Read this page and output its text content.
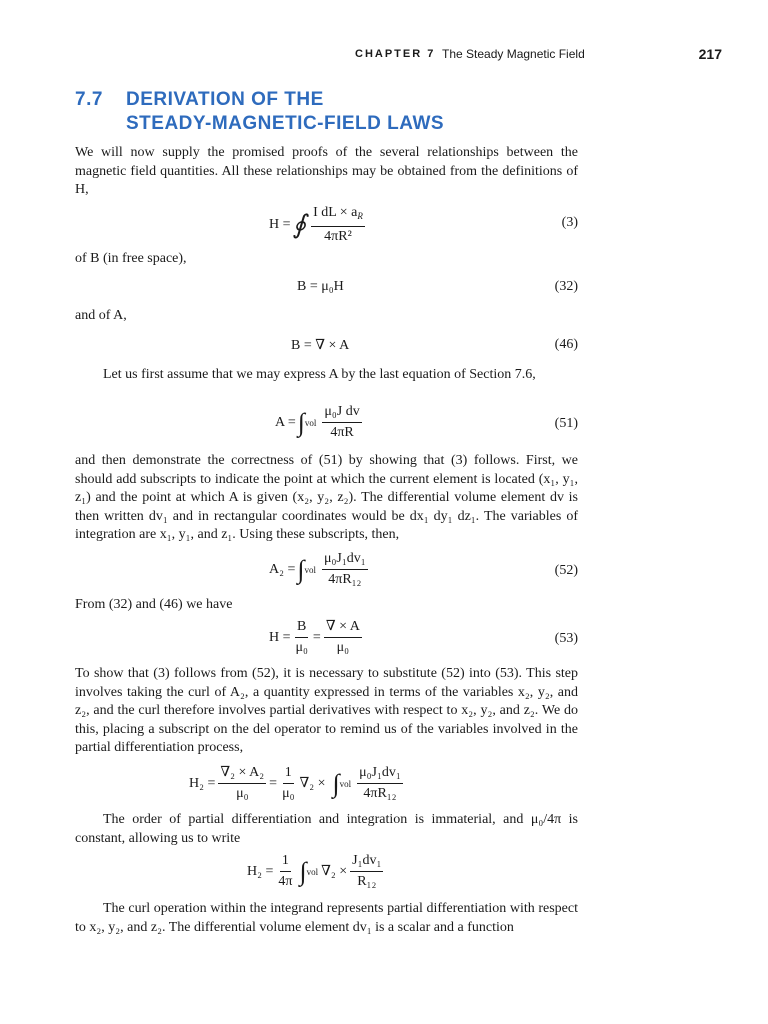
CHAPTER 7 The Steady Magnetic Field	217
7.7 DERIVATION OF THE
STEADY-MAGNETIC-FIELD LAWS

We will now supply the promised proofs of the several relationships between the magnetic field quantities. All these relationships may be obtained from the definitions of H,

H = ∮ $\frac{I dL \times a_R}{\text{4πR²}}$	(3)

of B (in free space),

B = μ₀H	(32)

and of A,

B = ∇ × A	(46)

Let us first assume that we may express A by the last equation of Section 7.6,

A = ∫ vol $\frac{\text{μ₀J dv}}{4\pi R}$	(51)

and then demonstrate the correctness of (51) by showing that (3) follows. First, we should add subscripts to indicate the point at which the current element is located (x₁, y₁, z₁) and the point at which A is given (x₂, y₂, z₂). The differential volume element dv is then written dv₁ and in rectangular coordinates would be dx₁ dy₁ dz₁. The variables of integration are x₁, y₁, and z₁. Using these subscripts, then,

A₂ = ∫ vol $\frac{\text{μ₀J₁dv₁}}{\text{4πR₁₂}}$	(52)

From (32) and (46) we have

$H = \frac{B}{\text{μ₀}} = \frac{\nabla \times A}{\text{μ₀}}$	(53)

To show that (3) follows from (52), it is necessary to substitute (52) into (53). This step involves taking the curl of A₂, a quantity expressed in terms of the variables x₂, y₂, and z₂, and the curl therefore involves partial derivatives with respect to x₂, y₂, and z₂. We do this, placing a subscript on the del operator to remind us of the variables involved in the partial differentiation process,

$H_2 = \frac{\text{∇₂ × A₂}}{\text{μ₀}} = \frac{1}{\text{μ₀}} \nabla_2$ × ∫ vol $\frac{\text{μ₀J₁dv₁}}{\text{4πR₁₂}}$

The order of partial differentiation and integration is immaterial, and μ₀/4π is constant, allowing us to write

$H_2 = \frac{1}{4\pi}$ ∫ vol $\nabla_2 \times \frac{\text{J₁dv₁}}{\text{R₁₂}}$

The curl operation within the integrand represents partial differentiation with respect to x₂, y₂, and z₂. The differential volume element dv₁ is a scalar and a function
